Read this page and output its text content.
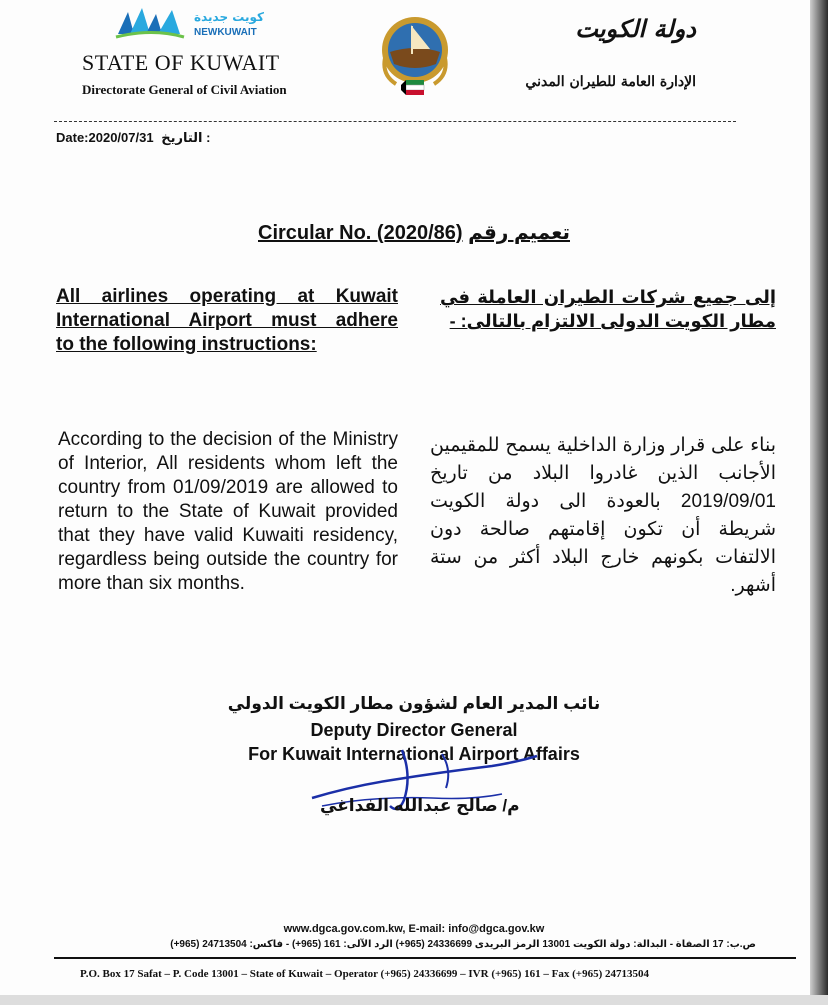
كويت جديدة
NEWKUWAIT
STATE OF KUWAIT
Directorate General of Civil Aviation
دولة الكويت
الإدارة العامة للطيران المدني
Date:2020/07/31 : التاريخ
Circular No. (2020/86) تعميم رقم
All airlines operating at Kuwait
International Airport must adhere
to the following instructions:
إلى جميع شركات الطيران العاملة في مطار الكويت الدولى الالتزام بالتالى: -
According to the decision of the Ministry of Interior, All residents whom left the country from 01/09/2019 are allowed to return to the State of Kuwait provided that they have valid Kuwaiti residency, regardless being outside the country for more than six months.
بناء على قرار وزارة الداخلية يسمح للمقيمين الأجانب الذين غادروا البلاد من تاريخ 2019/09/01 بالعودة الى دولة الكويت شريطة أن تكون إقامتهم صالحة دون الالتفات بكونهم خارج البلاد أكثر من ستة أشهر.
نائب المدير العام لشؤون مطار الكويت الدولي
Deputy Director General
For Kuwait International Airport Affairs
م/ صالح عبدالله الفداغي
www.dgca.gov.com.kw, E-mail: info@dgca.gov.kw
ص.ب: 17 الصفاة - البدالة: دولة الكويت 13001 الرمز البريدى 24336699 (965+) الرد الآلى: 161 (965+) - فاكس: 24713504 (965+)
P.O. Box 17 Safat – P. Code 13001 – State of Kuwait – Operator (+965) 24336699 – IVR (+965) 161 – Fax (+965) 24713504
